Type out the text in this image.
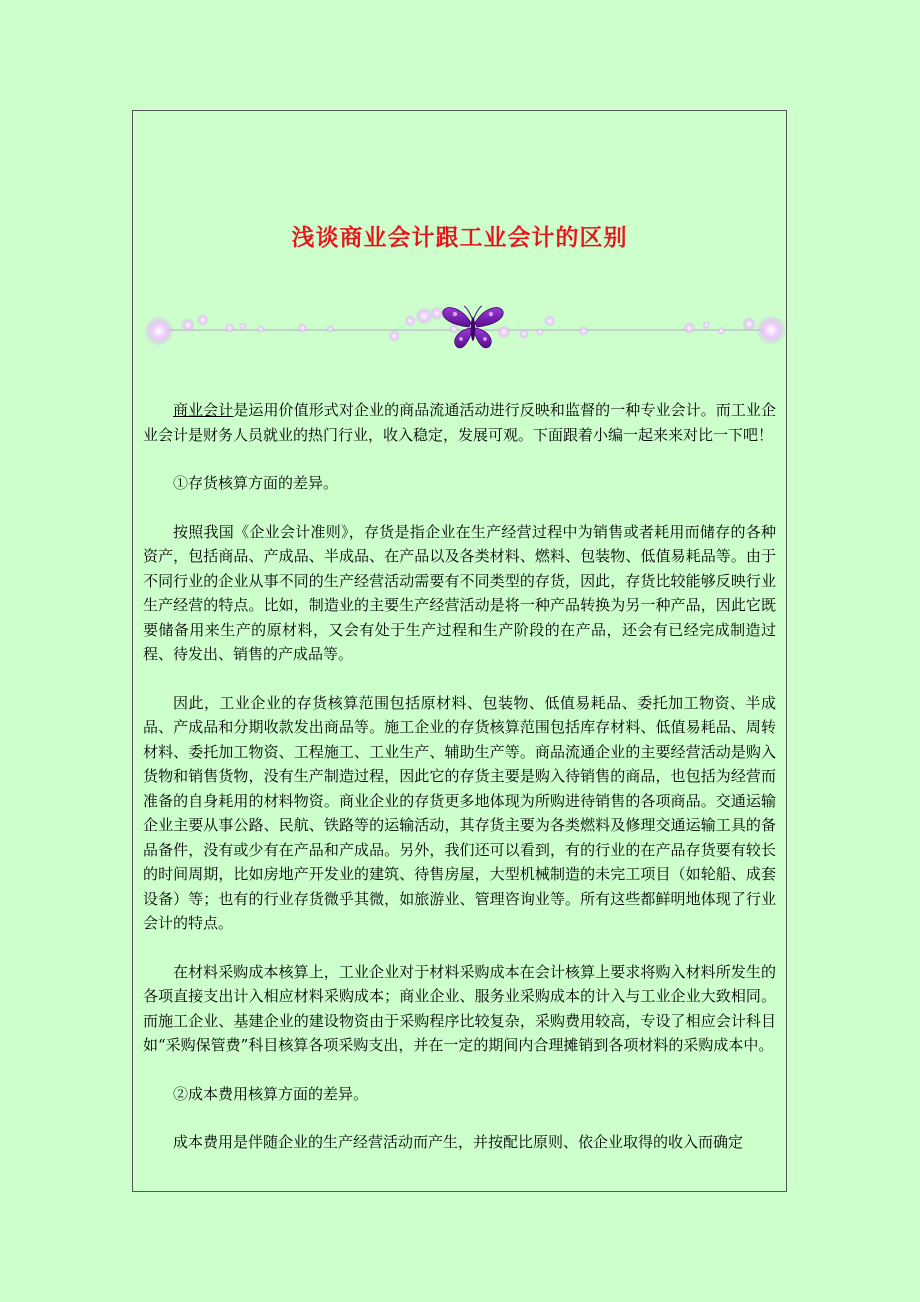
浅谈商业会计跟工业会计的区别

商业会计是运用价值形式对企业的商品流通活动进行反映和监督的一种专业会计。而工业企业会计是财务人员就业的热门行业，收入稳定，发展可观。下面跟着小编一起来来对比一下吧！

①存货核算方面的差异。

按照我国《企业会计准则》，存货是指企业在生产经营过程中为销售或者耗用而储存的各种资产，包括商品、产成品、半成品、在产品以及各类材料、燃料、包装物、低值易耗品等。由于不同行业的企业从事不同的生产经营活动需要有不同类型的存货，因此，存货比较能够反映行业生产经营的特点。比如，制造业的主要生产经营活动是将一种产品转换为另一种产品，因此它既要储备用来生产的原材料，又会有处于生产过程和生产阶段的在产品，还会有已经完成制造过程、待发出、销售的产成品等。

因此，工业企业的存货核算范围包括原材料、包装物、低值易耗品、委托加工物资、半成品、产成品和分期收款发出商品等。施工企业的存货核算范围包括库存材料、低值易耗品、周转材料、委托加工物资、工程施工、工业生产、辅助生产等。商品流通企业的主要经营活动是购入货物和销售货物，没有生产制造过程，因此它的存货主要是购入待销售的商品，也包括为经营而准备的自身耗用的材料物资。商业企业的存货更多地体现为所购进待销售的各项商品。交通运输企业主要从事公路、民航、铁路等的运输活动，其存货主要为各类燃料及修理交通运输工具的备品备件，没有或少有在产品和产成品。另外，我们还可以看到，有的行业的在产品存货要有较长的时间周期，比如房地产开发业的建筑、待售房屋，大型机械制造的未完工项目（如轮船、成套设备）等；也有的行业存货微乎其微，如旅游业、管理咨询业等。所有这些都鲜明地体现了行业会计的特点。

在材料采购成本核算上，工业企业对于材料采购成本在会计核算上要求将购入材料所发生的各项直接支出计入相应材料采购成本；商业企业、服务业采购成本的计入与工业企业大致相同。而施工企业、基建企业的建设物资由于采购程序比较复杂，采购费用较高，专设了相应会计科目如“采购保管费”科目核算各项采购支出，并在一定的期间内合理摊销到各项材料的采购成本中。

②成本费用核算方面的差异。

成本费用是伴随企业的生产经营活动而产生，并按配比原则、依企业取得的收入而确定
